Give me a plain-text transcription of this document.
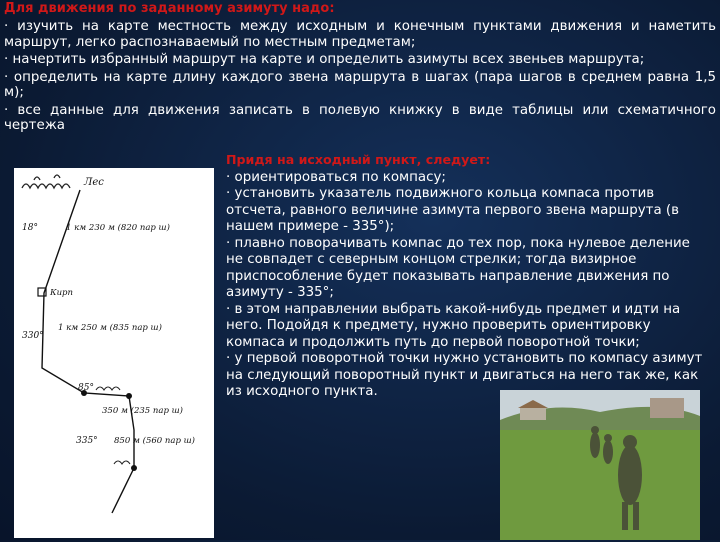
Для движения по заданному азимуту надо:

· изучить на карте местность между исходным и конечным пунктами движения и наметить маршрут, легко распознаваемый по местным предметам;

· начертить избранный маршрут на карте и определить азимуты всех звеньев маршрута;

· определить на карте длину каждого звена маршрута в шагах (пара шагов в среднем равна 1,5 м);

· все данные для движения записать в полевую книжку в виде таблицы или схематичного чертежа

Лес
18°	1 км 230 м (820 пар ш)
Кирп
330°
1 км 250 м (835 пар ш)
85°
350 м (235 пар ш)
335° 850 м (560 пар ш)

Придя на исходный пункт, следует:

· ориентироваться по компасу;

· установить указатель подвижного кольца компаса против отсчета, равного величине азимута первого звена маршрута (в нашем примере - 335°);

· плавно поворачивать компас до тех пор, пока нулевое деление не совпадет с северным концом стрелки; тогда визирное приспособление будет показывать направление движения по азимуту - 335°;

· в этом направлении выбрать какой-нибудь предмет и идти на него. Подойдя к предмету, нужно проверить ориентировку компаса и продолжить путь до первой поворотной точки;

· у первой поворотной точки нужно установить по компасу азимут на следующий поворотный пункт и двигаться на него так же, как из исходного пункта.
